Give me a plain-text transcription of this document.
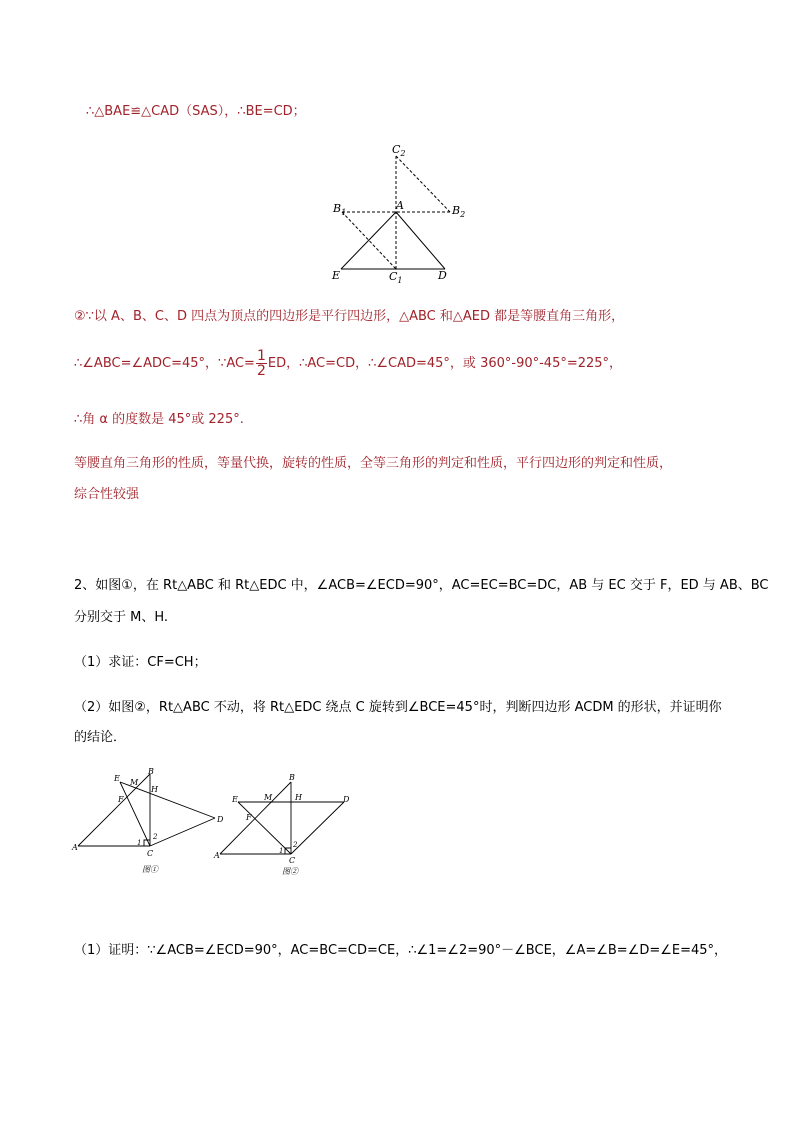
∴△BAE≌△CAD（SAS），∴BE=CD；
$C_2$
$B_1$
A	$B_2$
E	$C_1$	D
②∵以 A、B、C、D 四点为顶点的四边形是平行四边形，△ABC 和△AED 都是等腰直角三角形，
∴∠ABC=∠ADC=45°，∵AC= $\frac{1}{2}$ ED，∴AC=CD，∴∠CAD=45°，或 360°-90°-45°=225°，
∴角 α 的度数是 45°或 225°.
等腰直角三角形的性质，等量代换，旋转的性质，全等三角形的判定和性质，平行四边形的判定和性质，
综合性较强
2、如图①，在 Rt△ABC 和 Rt△EDC 中，∠ACB=∠ECD=90°，AC=EC=BC=DC，AB 与 EC 交于 F，ED 与 AB、BC
分别交于 M、H.
（1）求证：CF=CH；
（2）如图②，Rt△ABC 不动，将 Rt△EDC 绕点 C 旋转到∠BCE=45°时，判断四边形 ACDM 的形状，并证明你
的结论．
E
B
M
H
F
D
A
C
1
2
图①
B
E	M	H	D
F
A
C
1
2
图②
（1）证明：∵∠ACB=∠ECD=90°，AC=BC=CD=CE，∴∠1=∠2=90°－∠BCE，∠A=∠B=∠D=∠E=45°，
